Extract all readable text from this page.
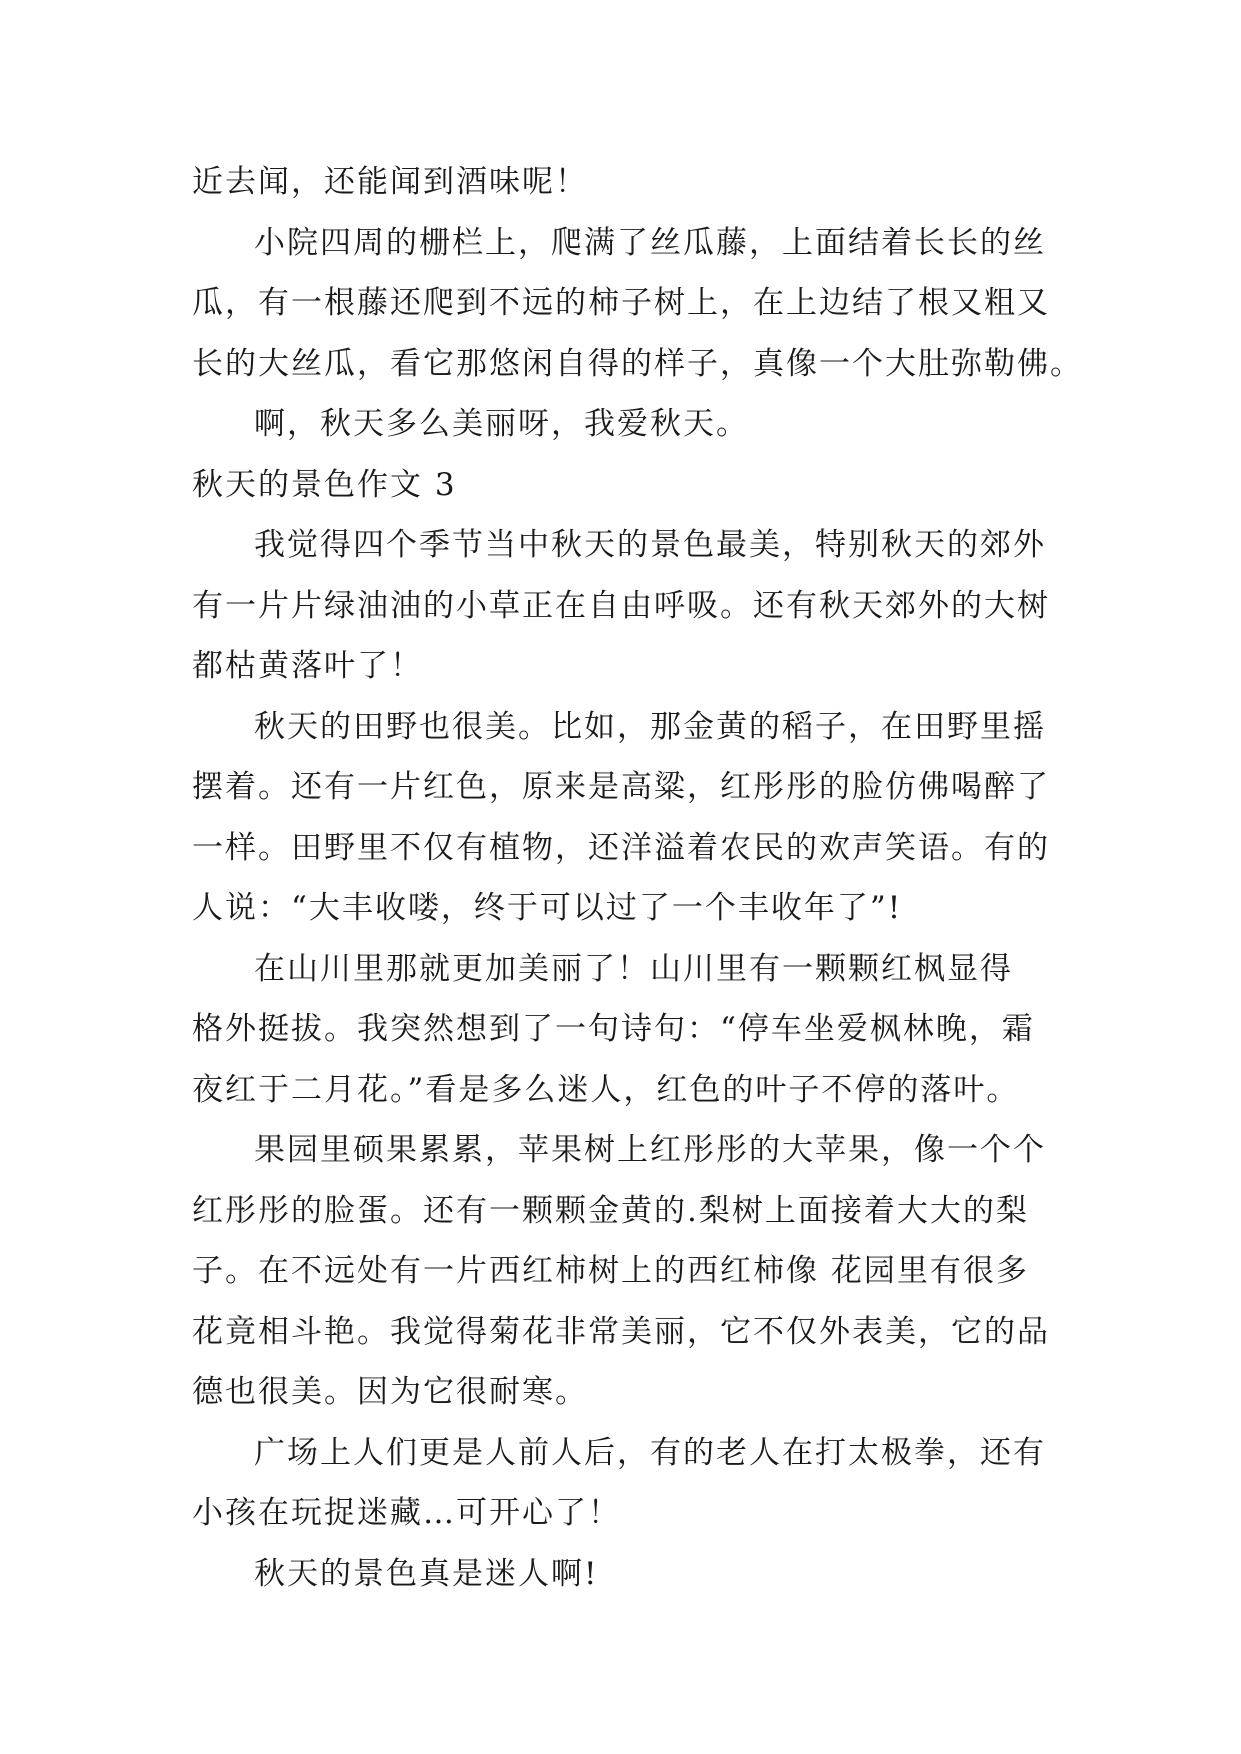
近去闻，还能闻到酒味呢！
小院四周的栅栏上，爬满了丝瓜藤，上面结着长长的丝
瓜，有一根藤还爬到不远的柿子树上，在上边结了根又粗又
长的大丝瓜，看它那悠闲自得的样子，真像一个大肚弥勒佛。
啊，秋天多么美丽呀，我爱秋天。
秋天的景色作文 3
我觉得四个季节当中秋天的景色最美，特别秋天的郊外
有一片片绿油油的小草正在自由呼吸。还有秋天郊外的大树
都枯黄落叶了！
秋天的田野也很美。比如，那金黄的稻子，在田野里摇
摆着。还有一片红色，原来是高粱，红彤彤的脸仿佛喝醉了
一样。田野里不仅有植物，还洋溢着农民的欢声笑语。有的
人说：“大丰收喽，终于可以过了一个丰收年了”!
在山川里那就更加美丽了！山川里有一颗颗红枫显得
格外挺拔。我突然想到了一句诗句：“停车坐爱枫林晚，霜
夜红于二月花。”看是多么迷人，红色的叶子不停的落叶。
果园里硕果累累，苹果树上红彤彤的大苹果，像一个个
红彤彤的脸蛋。还有一颗颗金黄的.梨树上面接着大大的梨
子。在不远处有一片西红柿树上的西红柿像 花园里有很多
花竟相斗艳。我觉得菊花非常美丽，它不仅外表美，它的品
德也很美。因为它很耐寒。
广场上人们更是人前人后，有的老人在打太极拳，还有
小孩在玩捉迷藏…可开心了！
秋天的景色真是迷人啊!
